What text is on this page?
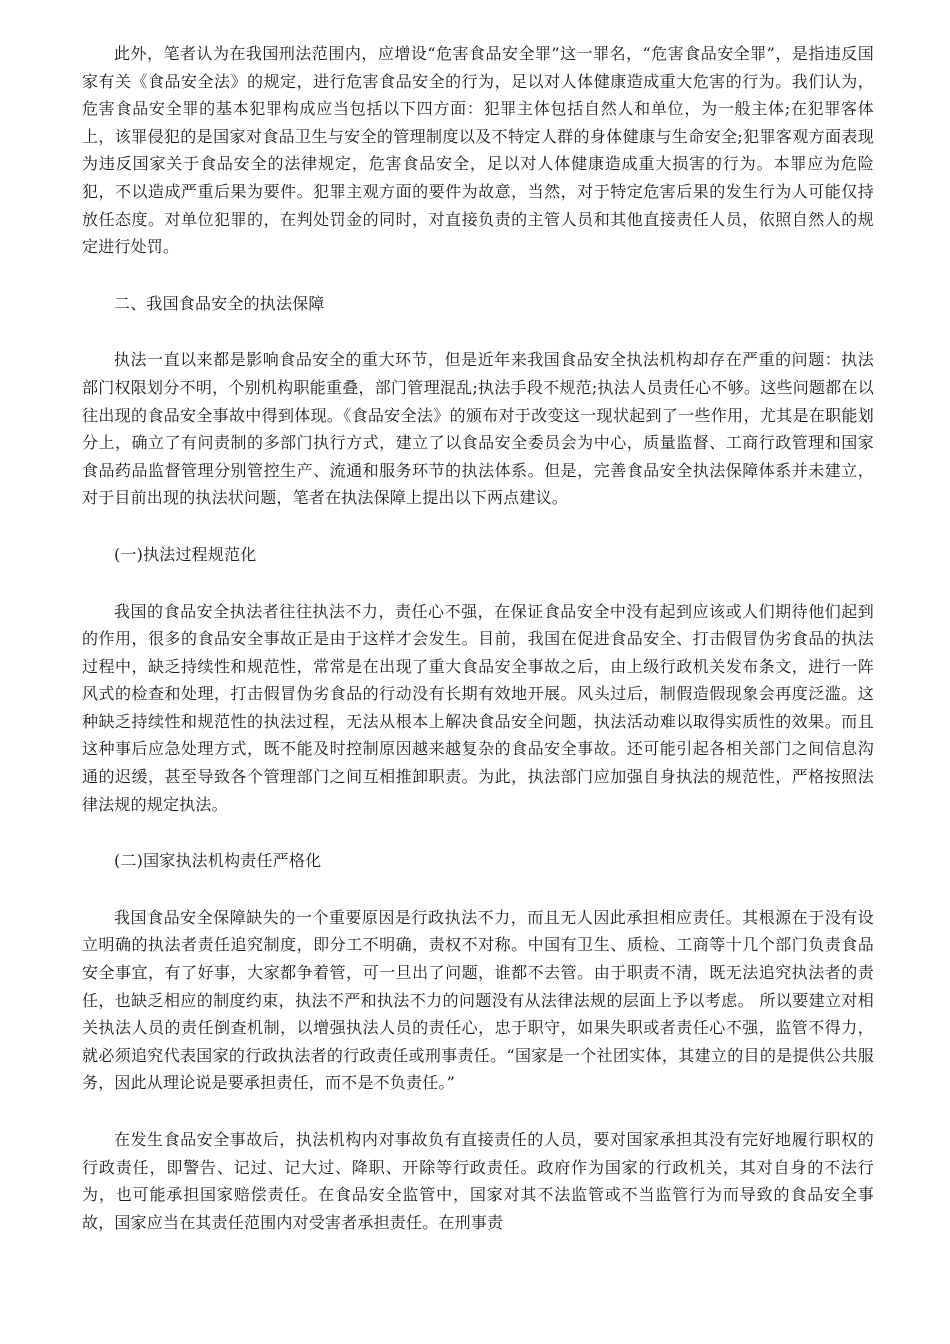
此外，笔者认为在我国刑法范围内，应增设“危害食品安全罪”这一罪名，“危害食品安全罪”，是指违反国家有关《食品安全法》的规定，进行危害食品安全的行为，足以对人体健康造成重大危害的行为。我们认为，危害食品安全罪的基本犯罪构成应当包括以下四方面：犯罪主体包括自然人和单位，为一般主体;在犯罪客体上，该罪侵犯的是国家对食品卫生与安全的管理制度以及不特定人群的身体健康与生命安全;犯罪客观方面表现为违反国家关于食品安全的法律规定，危害食品安全，足以对人体健康造成重大损害的行为。本罪应为危险犯，不以造成严重后果为要件。犯罪主观方面的要件为故意，当然，对于特定危害后果的发生行为人可能仅持放任态度。对单位犯罪的，在判处罚金的同时，对直接负责的主管人员和其他直接责任人员，依照自然人的规定进行处罚。

二、我国食品安全的执法保障

执法一直以来都是影响食品安全的重大环节，但是近年来我国食品安全执法机构却存在严重的问题：执法部门权限划分不明，个别机构职能重叠，部门管理混乱;执法手段不规范;执法人员责任心不够。这些问题都在以往出现的食品安全事故中得到体现。《食品安全法》的颁布对于改变这一现状起到了一些作用，尤其是在职能划分上，确立了有问责制的多部门执行方式，建立了以食品安全委员会为中心，质量监督、工商行政管理和国家食品药品监督管理分别管控生产、流通和服务环节的执法体系。但是，完善食品安全执法保障体系并未建立，对于目前出现的执法状问题，笔者在执法保障上提出以下两点建议。

(一)执法过程规范化

我国的食品安全执法者往往执法不力，责任心不强，在保证食品安全中没有起到应该或人们期待他们起到的作用，很多的食品安全事故正是由于这样才会发生。目前，我国在促进食品安全、打击假冒伪劣食品的执法过程中，缺乏持续性和规范性，常常是在出现了重大食品安全事故之后，由上级行政机关发布条文，进行一阵风式的检查和处理，打击假冒伪劣食品的行动没有长期有效地开展。风头过后，制假造假现象会再度泛滥。这种缺乏持续性和规范性的执法过程，无法从根本上解决食品安全问题，执法活动难以取得实质性的效果。而且这种事后应急处理方式，既不能及时控制原因越来越复杂的食品安全事故。还可能引起各相关部门之间信息沟通的迟缓，甚至导致各个管理部门之间互相推卸职责。为此，执法部门应加强自身执法的规范性，严格按照法律法规的规定执法。

(二)国家执法机构责任严格化

我国食品安全保障缺失的一个重要原因是行政执法不力，而且无人因此承担相应责任。其根源在于没有设立明确的执法者责任追究制度，即分工不明确，责权不对称。中国有卫生、质检、工商等十几个部门负责食品安全事宜，有了好事，大家都争着管，可一旦出了问题，谁都不去管。由于职责不清，既无法追究执法者的责任，也缺乏相应的制度约束，执法不严和执法不力的问题没有从法律法规的层面上予以考虑。 所以要建立对相关执法人员的责任倒查机制，以增强执法人员的责任心，忠于职守，如果失职或者责任心不强，监管不得力，就必须追究代表国家的行政执法者的行政责任或刑事责任。“国家是一个社团实体，其建立的目的是提供公共服务，因此从理论说是要承担责任，而不是不负责任。”

在发生食品安全事故后，执法机构内对事故负有直接责任的人员，要对国家承担其没有完好地履行职权的行政责任，即警告、记过、记大过、降职、开除等行政责任。政府作为国家的行政机关，其对自身的不法行为，也可能承担国家赔偿责任。在食品安全监管中，国家对其不法监管或不当监管行为而导致的食品安全事故，国家应当在其责任范围内对受害者承担责任。在刑事责
